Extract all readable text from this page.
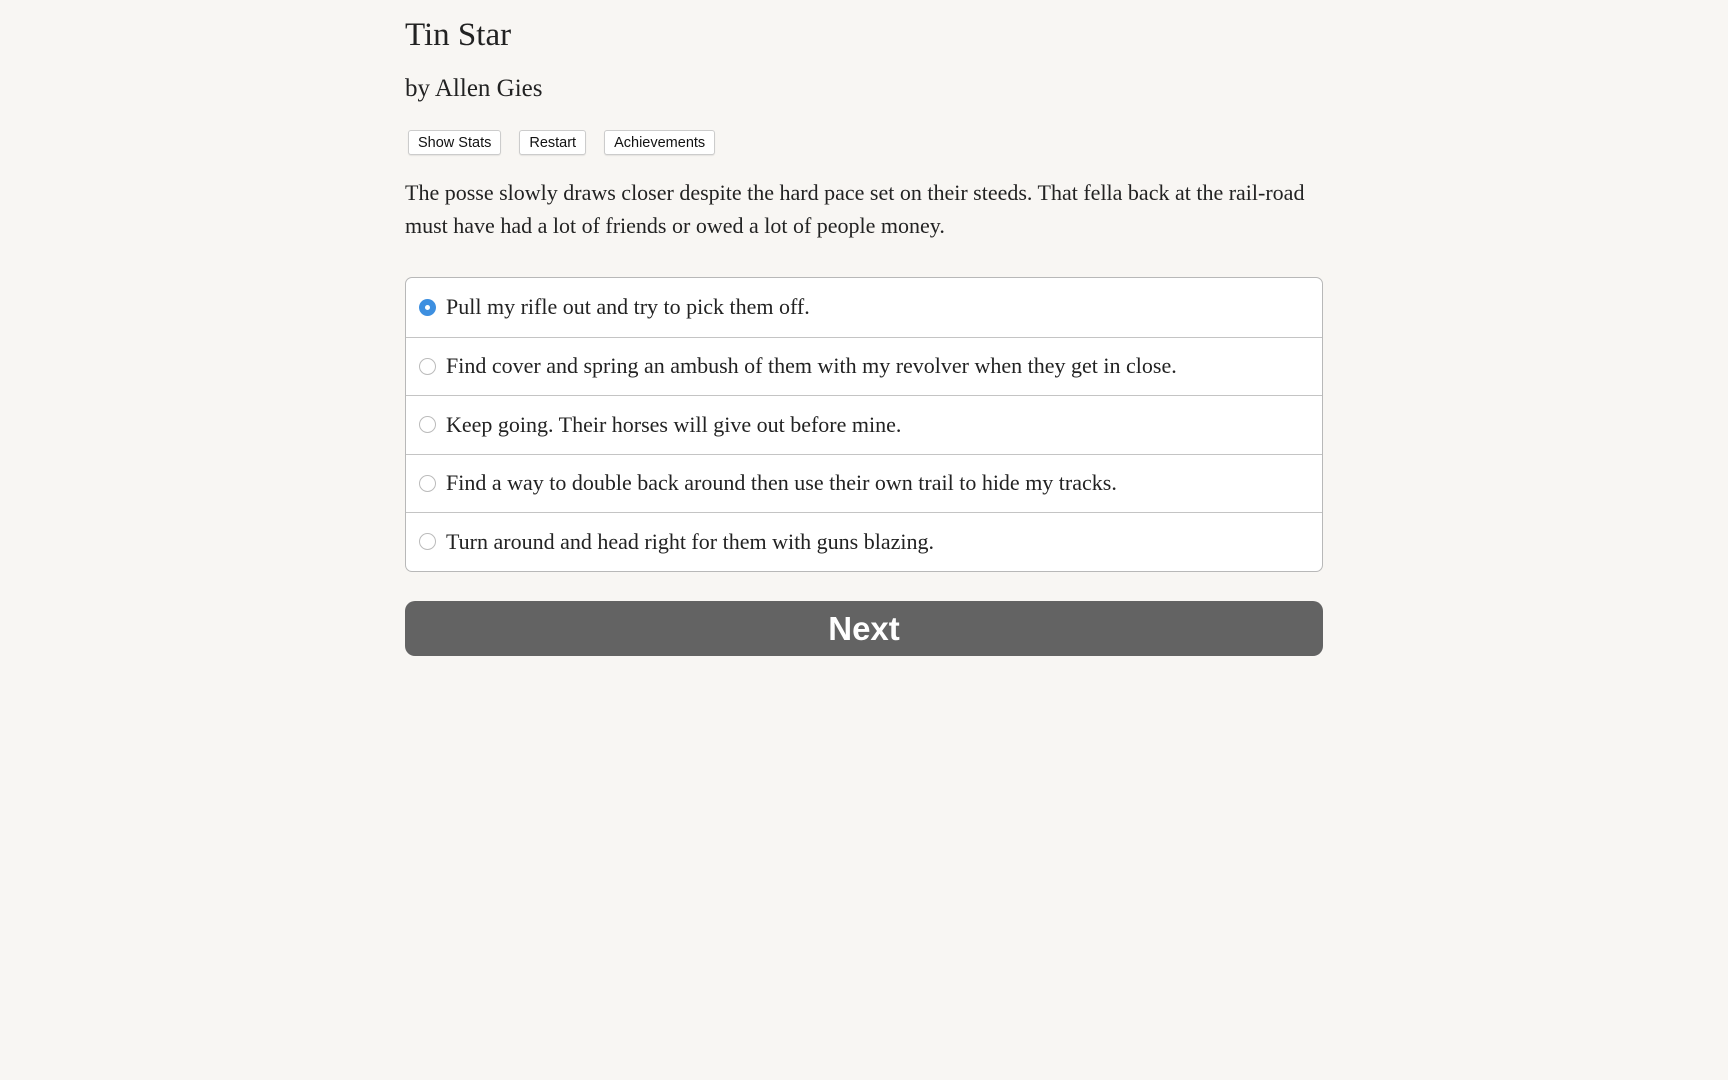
Tin Star
by Allen Gies
Show Stats	Restart	Achievements
The posse slowly draws closer despite the hard pace set on their steeds. That fella back at the rail-road must have had a lot of friends or owed a lot of people money.
Pull my rifle out and try to pick them off.
Find cover and spring an ambush of them with my revolver when they get in close.
Keep going. Their horses will give out before mine.
Find a way to double back around then use their own trail to hide my tracks.
Turn around and head right for them with guns blazing.
Next
